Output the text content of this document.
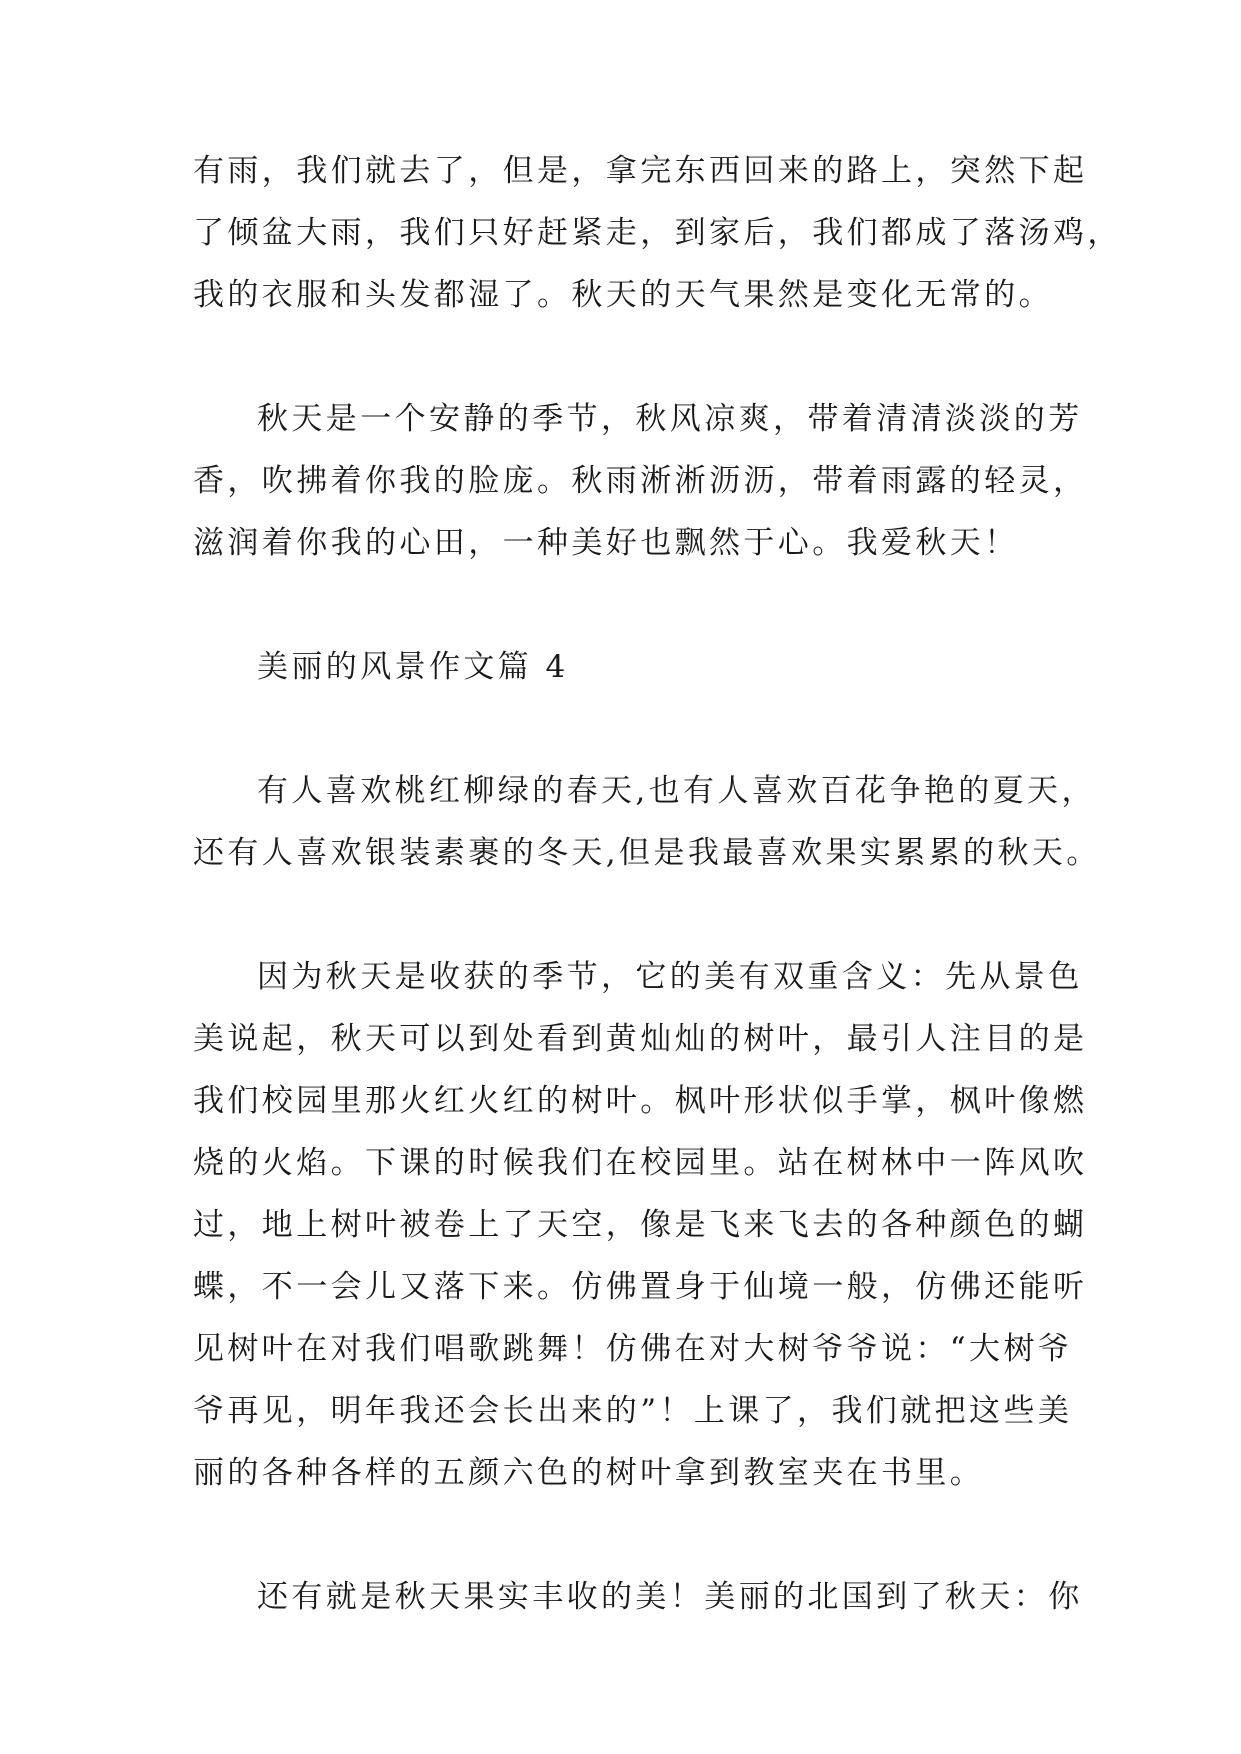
有雨，我们就去了，但是，拿完东西回来的路上，突然下起
了倾盆大雨，我们只好赶紧走，到家后，我们都成了落汤鸡，
我的衣服和头发都湿了。秋天的天气果然是变化无常的。
秋天是一个安静的季节，秋风凉爽，带着清清淡淡的芳
香，吹拂着你我的脸庞。秋雨淅淅沥沥，带着雨露的轻灵，
滋润着你我的心田，一种美好也飘然于心。我爱秋天！
美丽的风景作文篇 4
有人喜欢桃红柳绿的春天,也有人喜欢百花争艳的夏天，
还有人喜欢银装素裹的冬天,但是我最喜欢果实累累的秋天。
因为秋天是收获的季节，它的美有双重含义：先从景色
美说起，秋天可以到处看到黄灿灿的树叶，最引人注目的是
我们校园里那火红火红的树叶。枫叶形状似手掌，枫叶像燃
烧的火焰。下课的时候我们在校园里。站在树林中一阵风吹
过，地上树叶被卷上了天空，像是飞来飞去的各种颜色的蝴
蝶，不一会儿又落下来。仿佛置身于仙境一般，仿佛还能听
见树叶在对我们唱歌跳舞！仿佛在对大树爷爷说：“大树爷
爷再见，明年我还会长出来的”！上课了，我们就把这些美
丽的各种各样的五颜六色的树叶拿到教室夹在书里。
还有就是秋天果实丰收的美！美丽的北国到了秋天：你
